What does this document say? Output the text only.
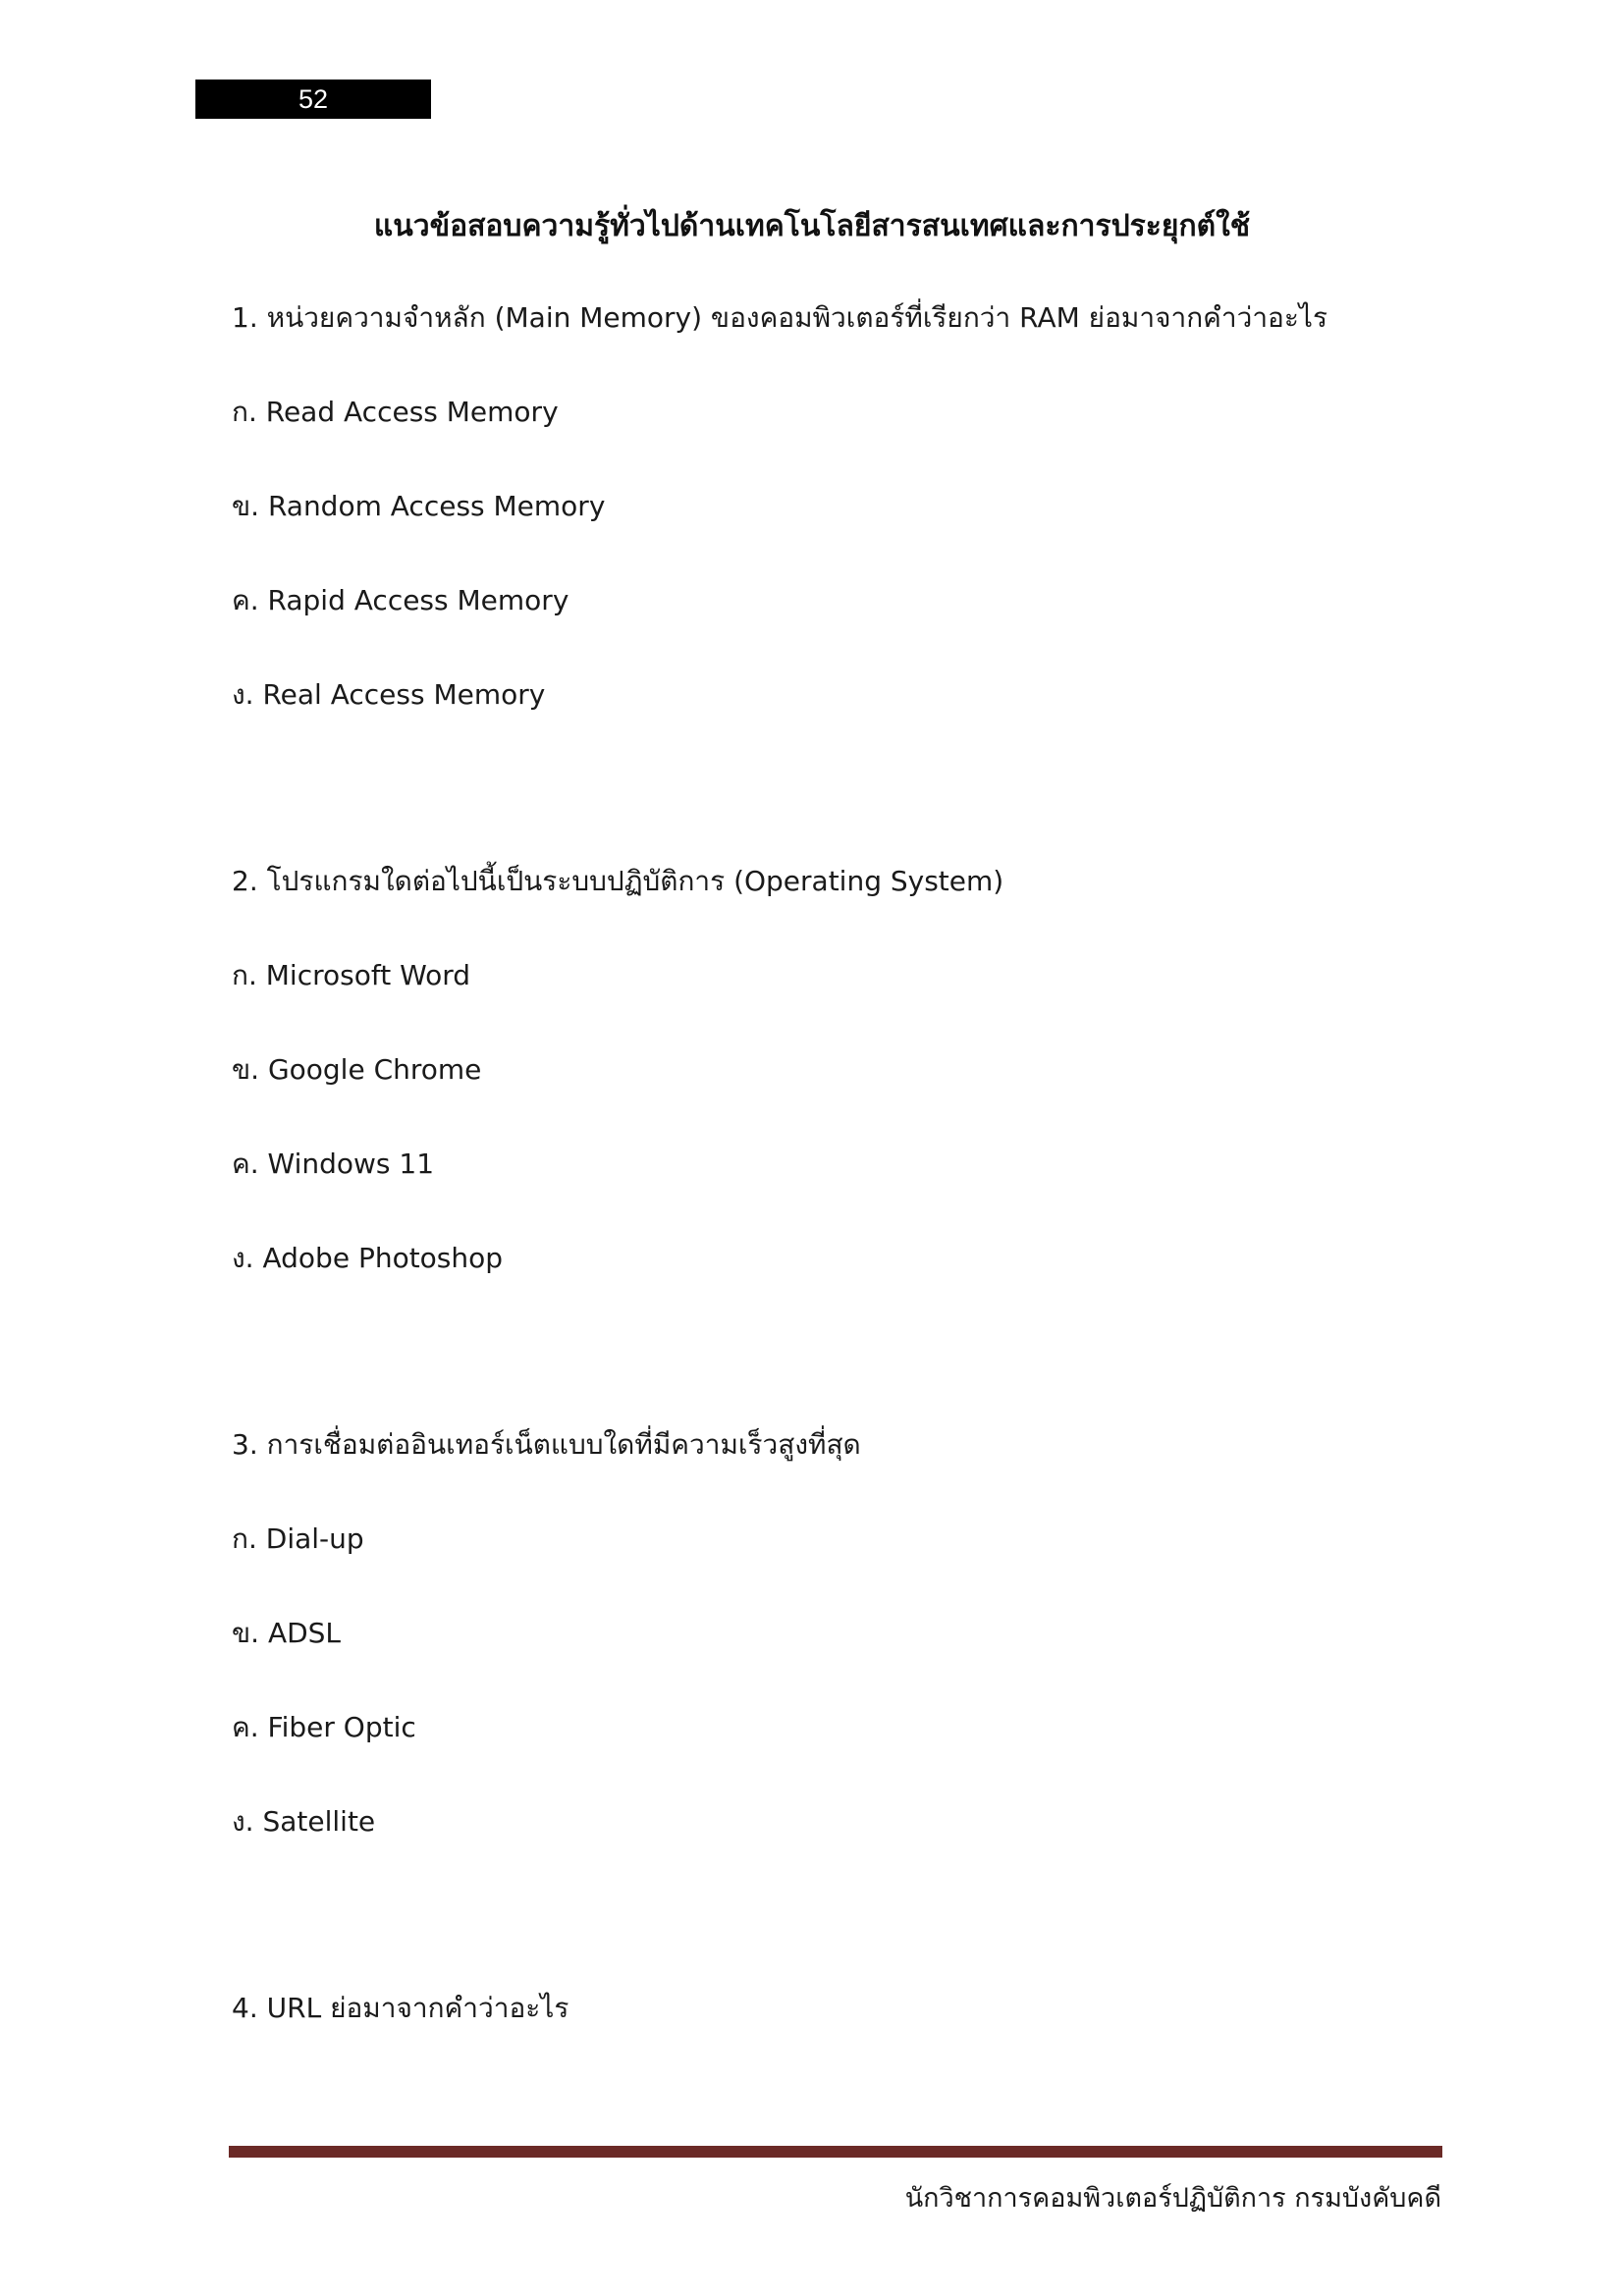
52
แนวข้อสอบความรู้ทั่วไปด้านเทคโนโลยีสารสนเทศและการประยุกต์ใช้
1. หน่วยความจำหลัก (Main Memory) ของคอมพิวเตอร์ที่เรียกว่า RAM ย่อมาจากคำว่าอะไร
ก. Read Access Memory
ข. Random Access Memory
ค. Rapid Access Memory
ง. Real Access Memory
2. โปรแกรมใดต่อไปนี้เป็นระบบปฏิบัติการ (Operating System)
ก. Microsoft Word
ข. Google Chrome
ค. Windows 11
ง. Adobe Photoshop
3. การเชื่อมต่ออินเทอร์เน็ตแบบใดที่มีความเร็วสูงที่สุด
ก. Dial-up
ข. ADSL
ค. Fiber Optic
ง. Satellite
4. URL ย่อมาจากคำว่าอะไร
นักวิชาการคอมพิวเตอร์ปฏิบัติการ กรมบังคับคดี
